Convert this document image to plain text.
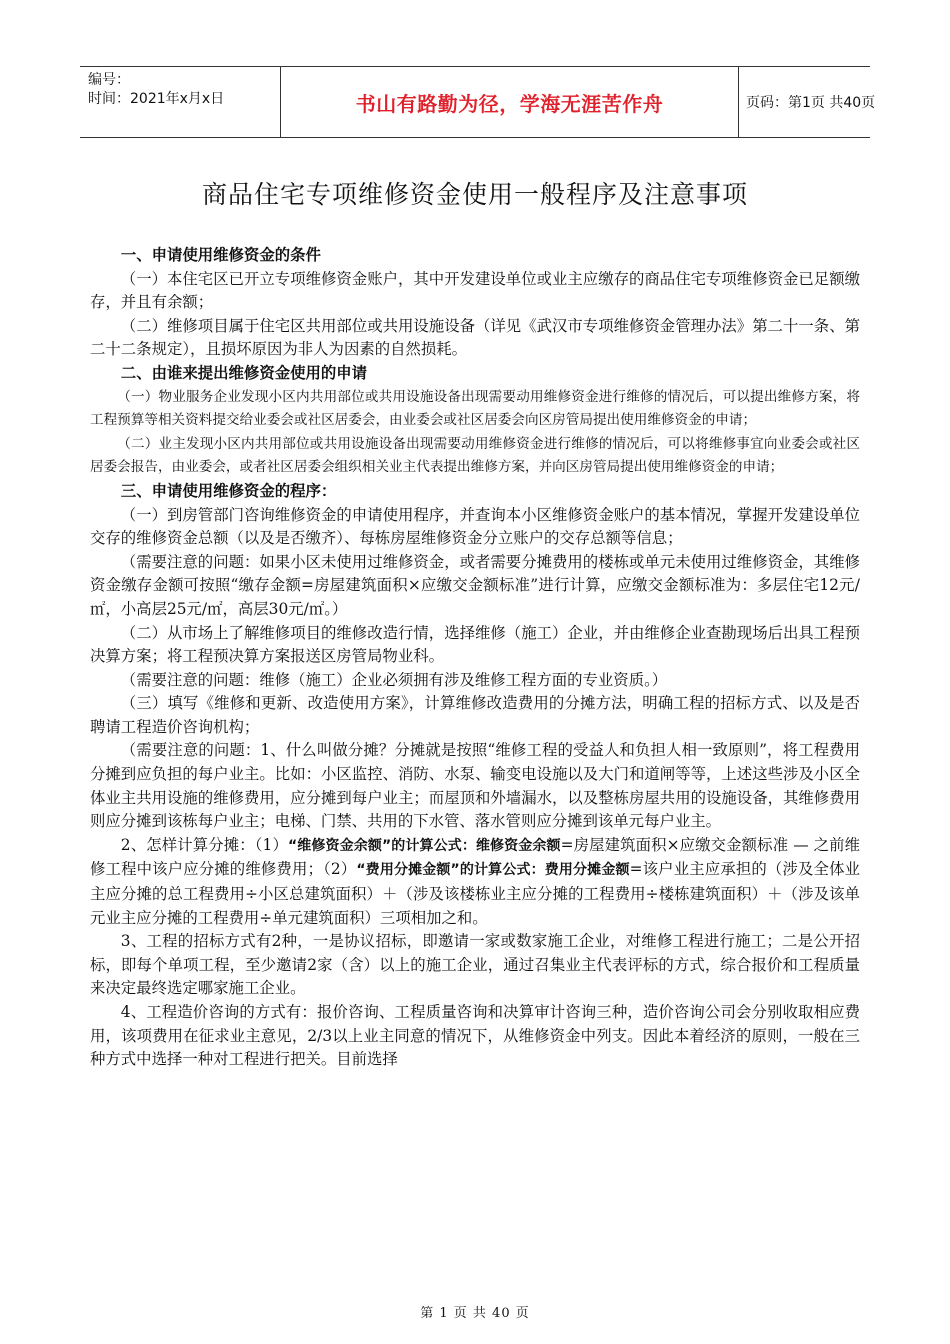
编号：
时间：2021年x月x日	书山有路勤为径，学海无涯苦作舟	页码：第1页 共40页
商品住宅专项维修资金使用一般程序及注意事项

一、申请使用维修资金的条件

（一）本住宅区已开立专项维修资金账户，其中开发建设单位或业主应缴存的商品住宅专项维修资金已足额缴存，并且有余额；

（二）维修项目属于住宅区共用部位或共用设施设备（详见《武汉市专项维修资金管理办法》第二十一条、第二十二条规定），且损坏原因为非人为因素的自然损耗。

二、由谁来提出维修资金使用的申请

（一）物业服务企业发现小区内共用部位或共用设施设备出现需要动用维修资金进行维修的情况后，可以提出维修方案，将工程预算等相关资料提交给业委会或社区居委会，由业委会或社区居委会向区房管局提出使用维修资金的申请；

（二）业主发现小区内共用部位或共用设施设备出现需要动用维修资金进行维修的情况后，可以将维修事宜向业委会或社区居委会报告，由业委会，或者社区居委会组织相关业主代表提出维修方案，并向区房管局提出使用维修资金的申请；

三、申请使用维修资金的程序：

（一）到房管部门咨询维修资金的申请使用程序，并查询本小区维修资金账户的基本情况，掌握开发建设单位交存的维修资金总额（以及是否缴齐）、每栋房屋维修资金分立账户的交存总额等信息；

（需要注意的问题：如果小区未使用过维修资金，或者需要分摊费用的楼栋或单元未使用过维修资金，其维修资金缴存金额可按照“缴存金额=房屋建筑面积×应缴交金额标准”进行计算，应缴交金额标准为：多层住宅12元/㎡，小高层25元/㎡，高层30元/㎡。）

（二）从市场上了解维修项目的维修改造行情，选择维修（施工）企业，并由维修企业查勘现场后出具工程预决算方案；将工程预决算方案报送区房管局物业科。

（需要注意的问题：维修（施工）企业必须拥有涉及维修工程方面的专业资质。）

（三）填写《维修和更新、改造使用方案》，计算维修改造费用的分摊方法，明确工程的招标方式、以及是否聘请工程造价咨询机构；

（需要注意的问题：1、什么叫做分摊？分摊就是按照“维修工程的受益人和负担人相一致原则”，将工程费用分摊到应负担的每户业主。比如：小区监控、消防、水泵、输变电设施以及大门和道闸等等，上述这些涉及小区全体业主共用设施的维修费用，应分摊到每户业主；而屋顶和外墙漏水，以及整栋房屋共用的设施设备，其维修费用则应分摊到该栋每户业主；电梯、门禁、共用的下水管、落水管则应分摊到该单元每户业主。

2、怎样计算分摊：（1）“维修资金余额”的计算公式：维修资金余额=房屋建筑面积×应缴交金额标准 — 之前维修工程中该户应分摊的维修费用；（2）“费用分摊金额”的计算公式：费用分摊金额=该户业主应承担的（涉及全体业主应分摊的总工程费用÷小区总建筑面积）＋（涉及该楼栋业主应分摊的工程费用÷楼栋建筑面积）＋（涉及该单元业主应分摊的工程费用÷单元建筑面积）三项相加之和。

3、工程的招标方式有2种，一是协议招标，即邀请一家或数家施工企业，对维修工程进行施工；二是公开招标，即每个单项工程，至少邀请2家（含）以上的施工企业，通过召集业主代表评标的方式，综合报价和工程质量来决定最终选定哪家施工企业。

4、工程造价咨询的方式有：报价咨询、工程质量咨询和决算审计咨询三种，造价咨询公司会分别收取相应费用，该项费用在征求业主意见，2/3以上业主同意的情况下，从维修资金中列支。因此本着经济的原则，一般在三种方式中选择一种对工程进行把关。目前选择

第 1 页 共 40 页
